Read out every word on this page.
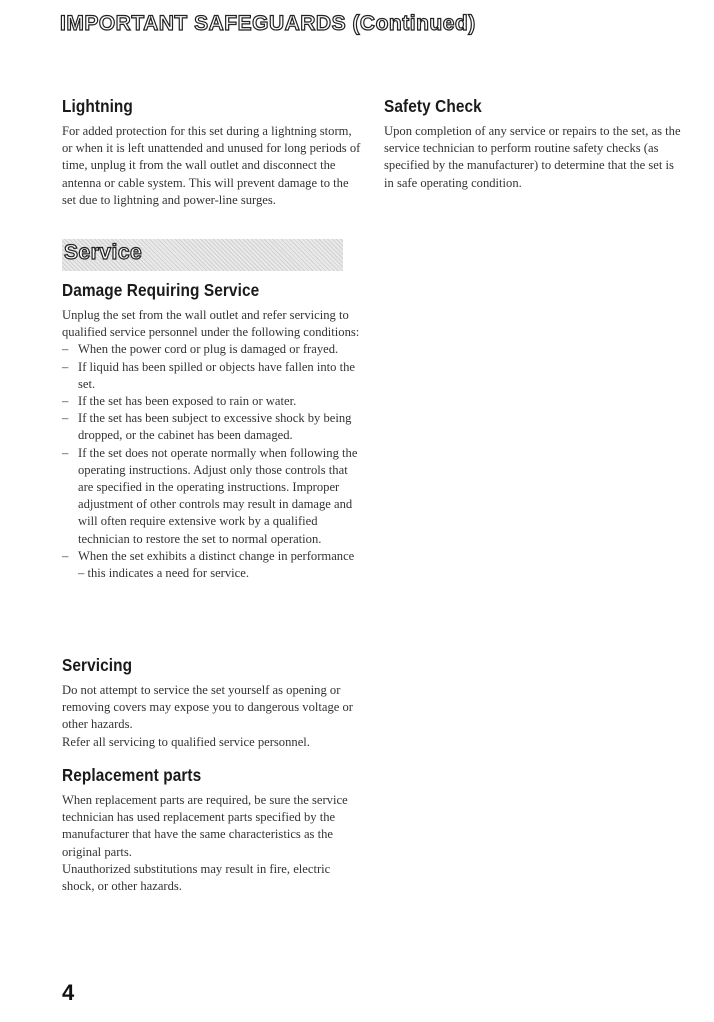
IMPORTANT SAFEGUARDS (Continued)
Lightning

For added protection for this set during a lightning storm, or when it is left unattended and unused for long periods of time, unplug it from the wall outlet and disconnect the antenna or cable system. This will prevent damage to the set due to lightning and power-line surges.

Safety Check

Upon completion of any service or repairs to the set, as the service technician to perform routine safety checks (as specified by the manufacturer) to determine that the set is in safe operating condition.

Service
Damage Requiring Service

Unplug the set from the wall outlet and refer servicing to qualified service personnel under the following conditions:

– When the power cord or plug is damaged or frayed.
– If liquid has been spilled or objects have fallen into the set.
– If the set has been exposed to rain or water.
– If the set has been subject to excessive shock by being dropped, or the cabinet has been damaged.
– If the set does not operate normally when following the operating instructions. Adjust only those controls that are specified in the operating instructions. Improper adjustment of other controls may result in damage and will often require extensive work by a qualified technician to restore the set to normal operation.
– When the set exhibits a distinct change in performance – this indicates a need for service.
Servicing

Do not attempt to service the set yourself as opening or removing covers may expose you to dangerous voltage or other hazards.

Refer all servicing to qualified service personnel.

Replacement parts

When replacement parts are required, be sure the service technician has used replacement parts specified by the manufacturer that have the same characteristics as the original parts.

Unauthorized substitutions may result in fire, electric shock, or other hazards.

4
